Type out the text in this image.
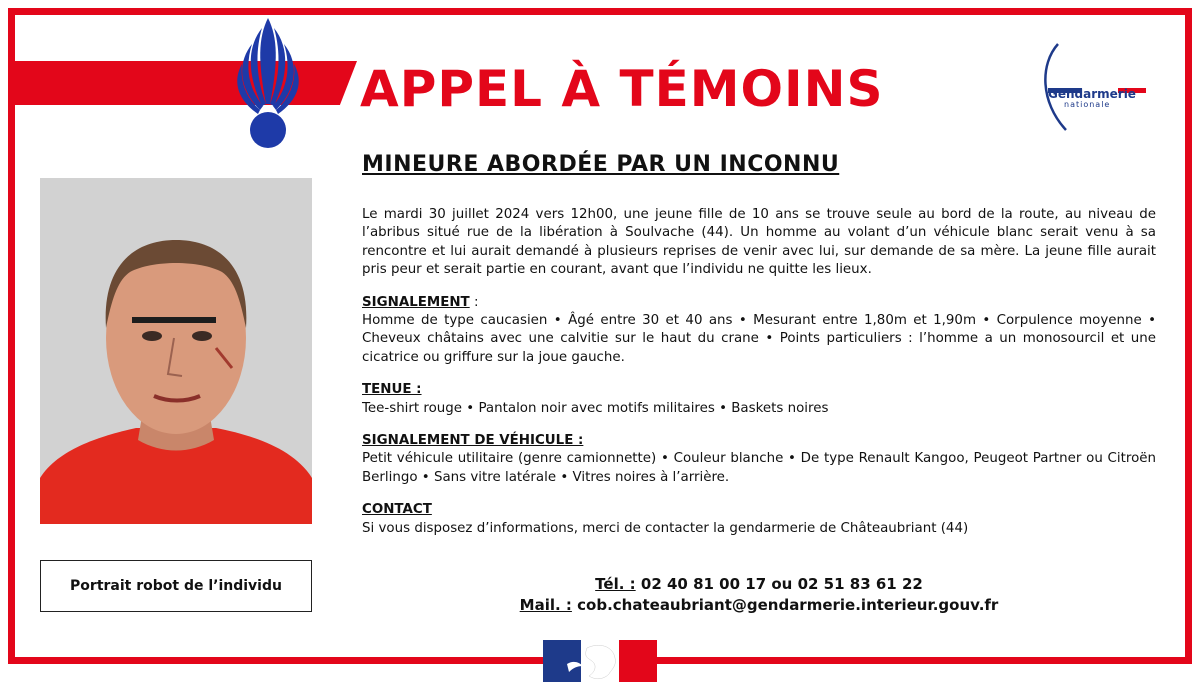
APPEL À TÉMOINS	Gendarmerie
nationale
Portrait robot de l’individu
MINEURE ABORDÉE PAR UN INCONNU

Le mardi 30 juillet 2024 vers 12h00, une jeune fille de 10 ans se trouve seule au bord de la route, au niveau de l’abribus situé rue de la libération à Soulvache (44). Un homme au volant d’un véhicule blanc serait venu à sa rencontre et lui aurait demandé à plusieurs reprises de venir avec lui, sur demande de sa mère. La jeune fille aurait pris peur et serait partie en courant, avant que l’individu ne quitte les lieux.

SIGNALEMENT :
Homme de type caucasien • Âgé entre 30 et 40 ans • Mesurant entre 1,80m et 1,90m • Corpulence moyenne • Cheveux châtains avec une calvitie sur le haut du crane • Points particuliers : l’homme a un monosourcil et une cicatrice ou griffure sur la joue gauche.

TENUE :
Tee-shirt rouge • Pantalon noir avec motifs militaires • Baskets noires

SIGNALEMENT DE VÉHICULE :
Petit véhicule utilitaire (genre camionnette) • Couleur blanche • De type Renault Kangoo, Peugeot Partner ou Citroën Berlingo • Sans vitre latérale • Vitres noires à l’arrière.

CONTACT
Si vous disposez d’informations, merci de contacter la gendarmerie de Châteaubriant (44)

Tél. : 02 40 81 00 17 ou 02 51 83 61 22
Mail. : cob.chateaubriant@gendarmerie.interieur.gouv.fr
